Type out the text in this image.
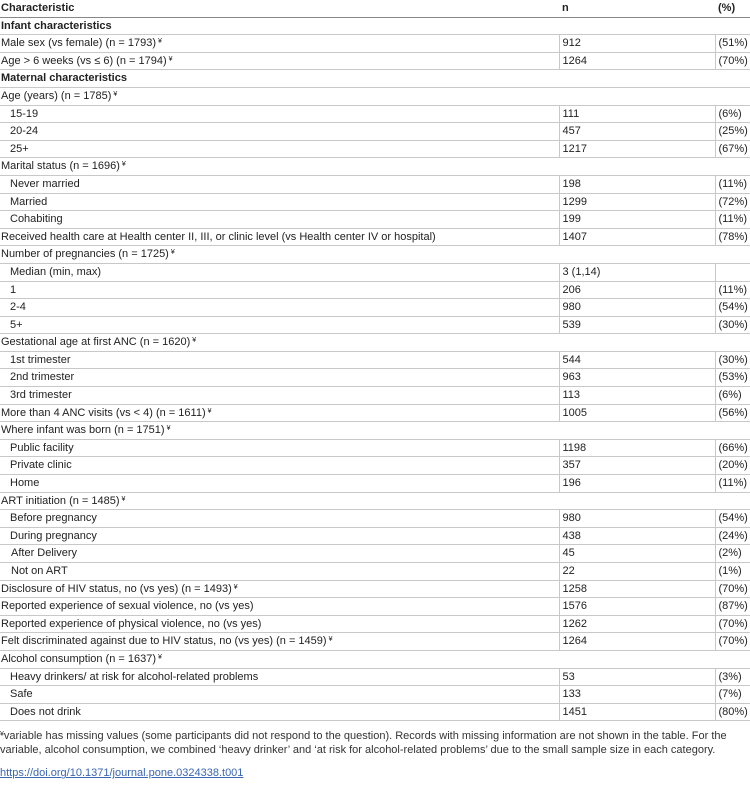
Characteristic	n	(%)
Infant characteristics		
Male sex (vs female) (n = 1793) ¥	912	(51%)
Age > 6 weeks (vs ≤ 6) (n = 1794) ¥	1264	(70%)
Maternal characteristics		
Age (years) (n = 1785) ¥
15-19	111	(6%)
20-24	457	(25%)
25+	1217	(67%)
Marital status (n = 1696) ¥
Never married	198	(11%)
Married	1299	(72%)
Cohabiting	199	(11%)
Received health care at Health center II, III, or clinic level (vs Health center IV or hospital)	1407	(78%)
Number of pregnancies (n = 1725) ¥
Median (min, max)	3 (1,14)	
1	206	(11%)
2-4	980	(54%)
5+	539	(30%)
Gestational age at first ANC (n = 1620) ¥
1st trimester	544	(30%)
2nd trimester	963	(53%)
3rd trimester	113	(6%)
More than 4 ANC visits (vs < 4) (n = 1611) ¥	1005	(56%)
Where infant was born (n = 1751) ¥
Public facility	1198	(66%)
Private clinic	357	(20%)
Home	196	(11%)
ART initiation (n = 1485) ¥
Before pregnancy	980	(54%)
During pregnancy	438	(24%)
After Delivery	45	(2%)
Not on ART	22	(1%)
Disclosure of HIV status, no (vs yes) (n = 1493) ¥	1258	(70%)
Reported experience of sexual violence, no (vs yes)	1576	(87%)
Reported experience of physical violence, no (vs yes)	1262	(70%)
Felt discriminated against due to HIV status, no (vs yes) (n = 1459) ¥	1264	(70%)
Alcohol consumption (n = 1637) ¥
Heavy drinkers/ at risk for alcohol-related problems	53	(3%)
Safe	133	(7%)
Does not drink	1451	(80%)
¥variable has missing values (some participants did not respond to the question). Records with missing information are not shown in the table. For the variable, alcohol consumption, we combined ‘heavy drinker’ and ‘at risk for alcohol-related problems’ due to the small sample size in each category.
https://doi.org/10.1371/journal.pone.0324338.t001
